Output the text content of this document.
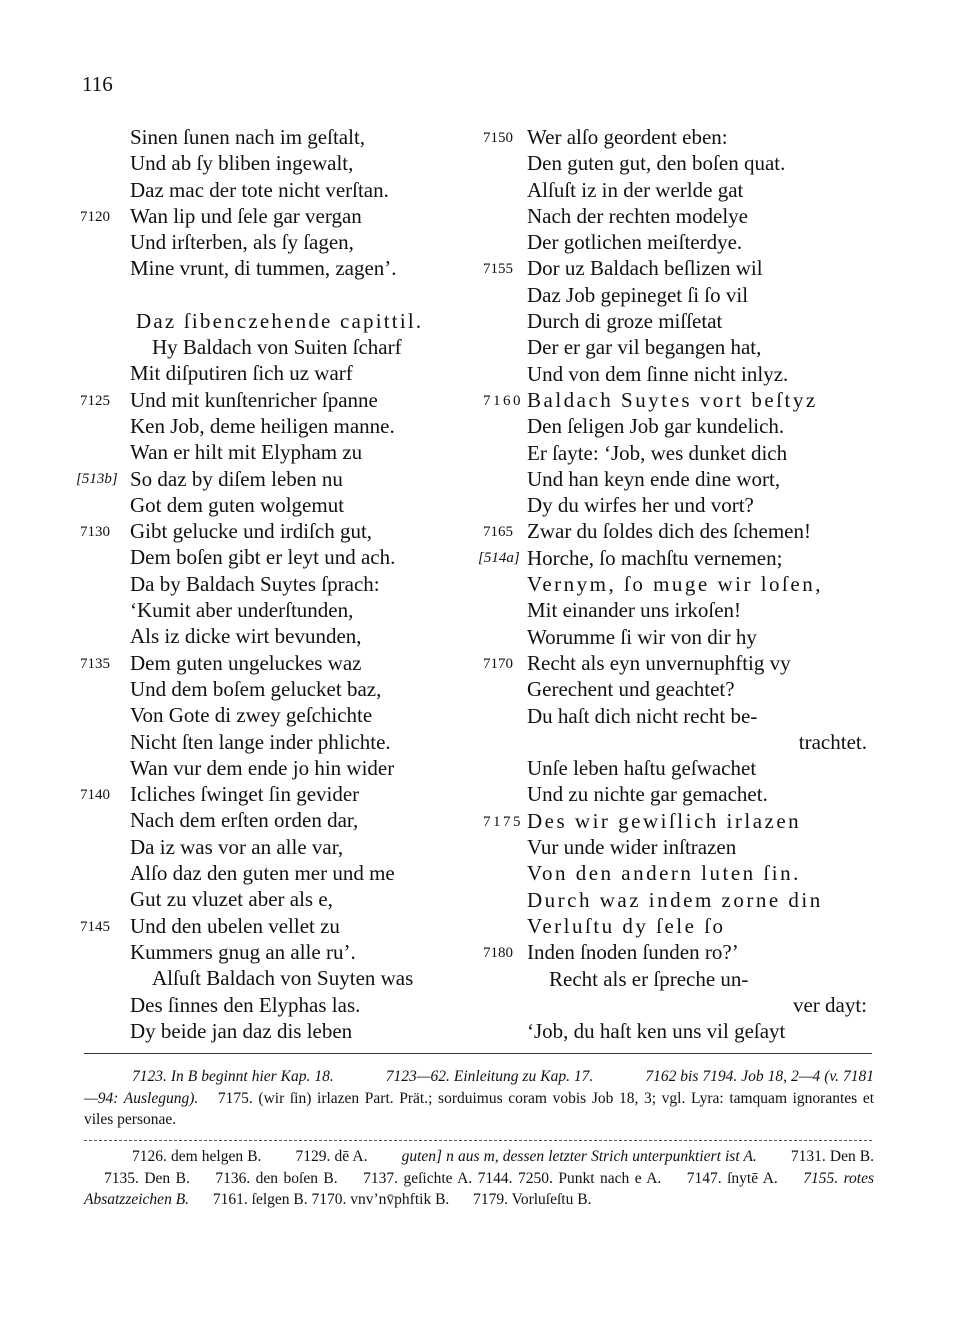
116
Sinen ſunen nach im geſtalt,
Und ab ſy bliben ingewalt,
Daz mac der tote nicht verſtan.
7120 Wan lip und ſele gar vergan
Und irſterben, als ſy ſagen,
Mine vrunt, di tummen, zagen’.
Daz ſibenczehende capittil.
Hy Baldach von Suiten ſcharf
Mit diſputiren ſich uz warf
7125 Und mit kunſtenricher ſpanne
Ken Job, deme heiligen manne.
Wan er hilt mit Elypham zu
[513b] So daz by diſem leben nu
Got dem guten wolgemut
7130 Gibt gelucke und irdiſch gut,
Dem boſen gibt er leyt und ach.
Da by Baldach Suytes ſprach:
‘Kumit aber underſtunden,
Als iz dicke wirt bevunden,
7135 Dem guten ungeluckes waz
Und dem boſem gelucket baz,
Von Gote di zwey geſchichte
Nicht ſten lange inder phlichte.
Wan vur dem ende jo hin wider
7140 Icliches ſwinget ſin gevider
Nach dem erſten orden dar,
Da iz was vor an alle var,
Alſo daz den guten mer und me
Gut zu vluzet aber als e,
7145 Und den ubelen vellet zu
Kummers gnug an alle ru’.
Alſuſt Baldach von Suyten was
Des ſinnes den Elyphas las.
Dy beide jan daz dis leben
7150 Wer alſo geordent eben:
Den guten gut, den boſen quat.
Alſuſt iz in der werlde gat
Nach der rechten modelye
Der gotlichen meiſterdye.
7155 Dor uz Baldach beſlizen wil
Daz Job gepineget ſi ſo vil
Durch di groze miſſetat
Der er gar vil begangen hat,
Und von dem ſinne nicht inlyz.
7160 Baldach Suytes vort beſtyz
Den ſeligen Job gar kundelich.
Er ſayte: ‘Job, wes dunket dich
Und han keyn ende dine wort,
Dy du wirfes her und vort?
7165 Zwar du ſoldes dich des ſchemen!
[514a] Horche, ſo machſtu vernemen;
Vernym, ſo muge wir loſen,
Mit einander uns irkoſen!
Worumme ſi wir von dir hy
7170 Recht als eyn unvernuphftig vy
Gerechent und geachtet?
Du haſt dich nicht recht be-
trachtet.
Unſe leben haſtu geſwachet
Und zu nichte gar gemachet.
7175 Des wir gewiſlich irlazen
Vur unde wider inſtrazen
Von den andern luten ſin.
Durch waz indem zorne din
Verluſtu dy ſele ſo
7180 Inden ſnoden ſunden ro?’
Recht als er ſpreche un-
ver dayt:
‘Job, du haſt ken uns vil geſayt

7123. In B beginnt hier Kap. 18.	7123—62. Einleitung zu Kap. 17.	7162 bis 7194. Job 18, 2—4 (v. 7181—94: Auslegung). 7175. (wir ſin) irlazen Part. Prät.; sorduimus coram vobis Job 18, 3; vgl. Lyra: tamquam ignorantes et viles personae.

7126. dem helgen B. 7129. dē A. guten] n aus m, dessen letzter Strich unterpunktiert ist A. 7131. Den B. 7135. Den B. 7136. den boſen B. 7137. geſichte A. 7144. 7250. Punkt nach e A. 7147. ſnytē A. 7155. rotes Absatzzeichen B. 7161. ſelgen B. 7170. vnv’nv̄phftik B. 7179. Vorluſeſtu B.
